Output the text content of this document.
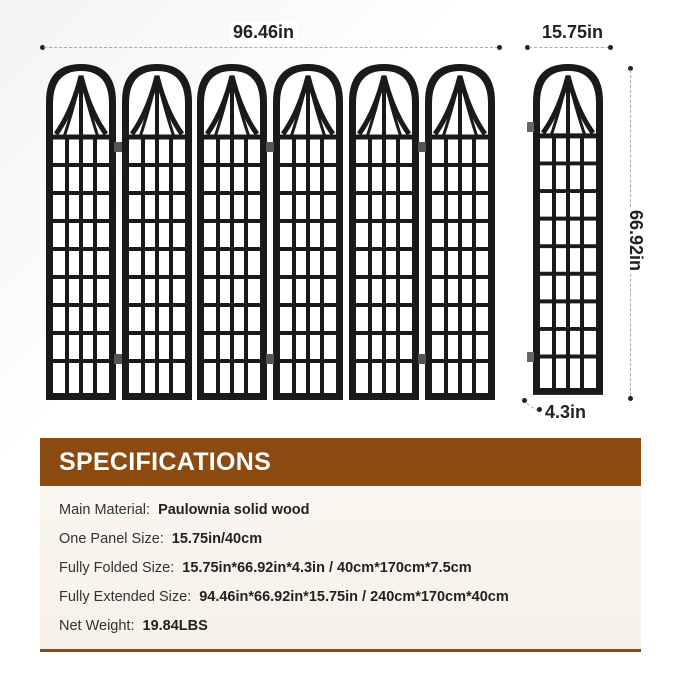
96.46in	15.75in
66.92in
4.3in
SPECIFICATIONS
Main Material: Paulownia solid wood
One Panel Size: 15.75in/40cm
Fully Folded Size: 15.75in*66.92in*4.3in / 40cm*170cm*7.5cm
Fully Extended Size: 94.46in*66.92in*15.75in / 240cm*170cm*40cm
Net Weight: 19.84LBS
